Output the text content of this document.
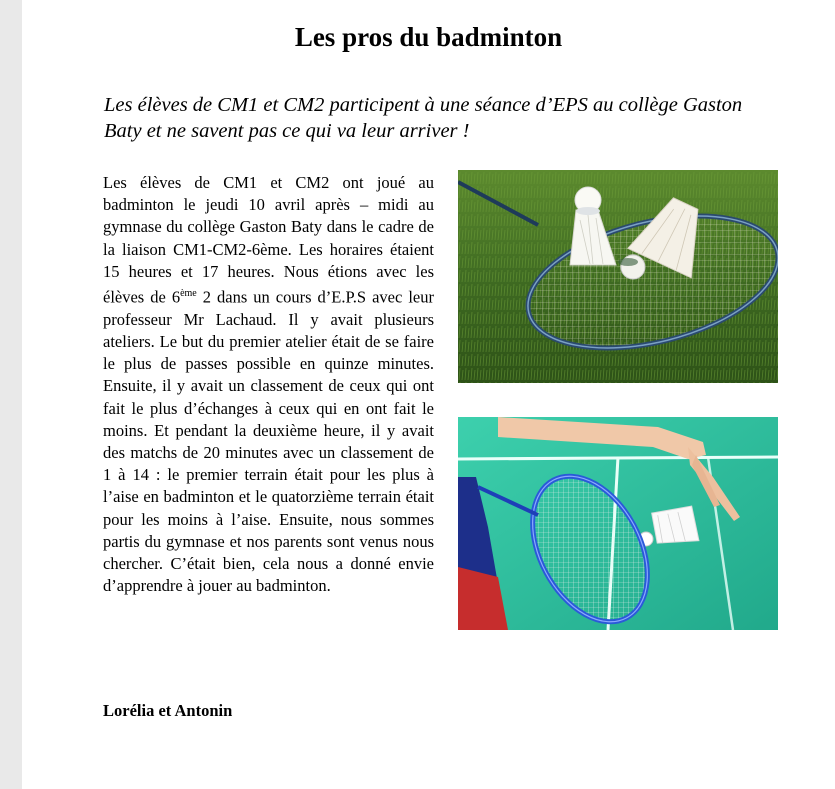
Les pros du badminton

Les élèves de CM1 et CM2 participent à une séance d’EPS au collège Gaston Baty et ne savent pas ce qui va leur arriver !

Les élèves de CM1 et CM2 ont joué au badminton le jeudi 10 avril après – midi au gymnase du collège Gaston Baty dans le cadre de la liaison CM1-CM2-6ème. Les horaires étaient 15 heures et 17 heures. Nous étions avec les élèves de 6ème 2 dans un cours d’E.P.S avec leur professeur Mr Lachaud. Il y avait plusieurs ateliers. Le but du premier atelier était de se faire le plus de passes possible en quinze minutes. Ensuite, il y avait un classement de ceux qui ont fait le plus d’échanges à ceux qui en ont fait le moins. Et pendant la deuxième heure, il y avait des matchs de 20 minutes avec un classement de 1 à 14 : le premier terrain était pour les plus à l’aise en badminton et le quatorzième terrain était pour les moins à l’aise. Ensuite, nous sommes partis du gymnase et nos parents sont venus nous chercher. C’était bien, cela nous a donné envie d’apprendre à jouer au badminton.

Lorélia et Antonin
